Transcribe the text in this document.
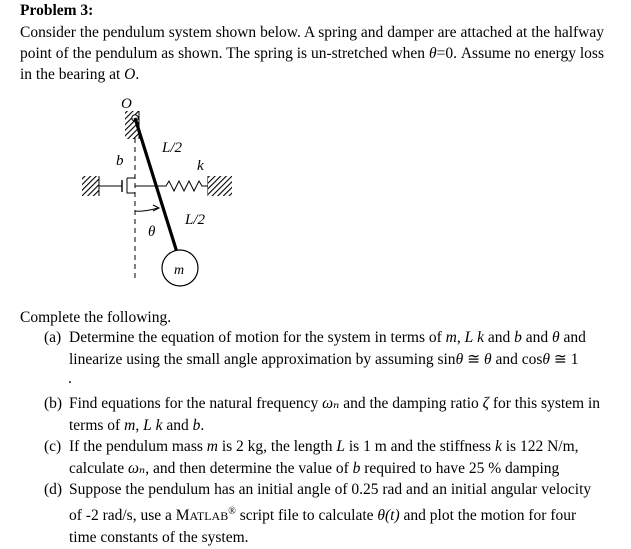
Problem 3:
Consider the pendulum system shown below. A spring and damper are attached at the halfway point of the pendulum as shown. The spring is un-stretched when θ=0. Assume no energy loss in the bearing at O.
O
b	k
L/2
L/2
θ
m
Complete the following.
(a) Determine the equation of motion for the system in terms of m, L k and b and θ and linearize using the small angle approximation by assuming sinθ ≅ θ and cosθ ≅ 1
.
(b) Find equations for the natural frequency ωₙ and the damping ratio ζ for this system in terms of m, L k and b.
(c) If the pendulum mass m is 2 kg, the length L is 1 m and the stiffness k is 122 N/m, calculate ωₙ, and then determine the value of b required to have 25 % damping
(d) Suppose the pendulum has an initial angle of 0.25 rad and an initial angular velocity of -2 rad/s, use a MATLAB® script file to calculate θ(t) and plot the motion for four time constants of the system.
